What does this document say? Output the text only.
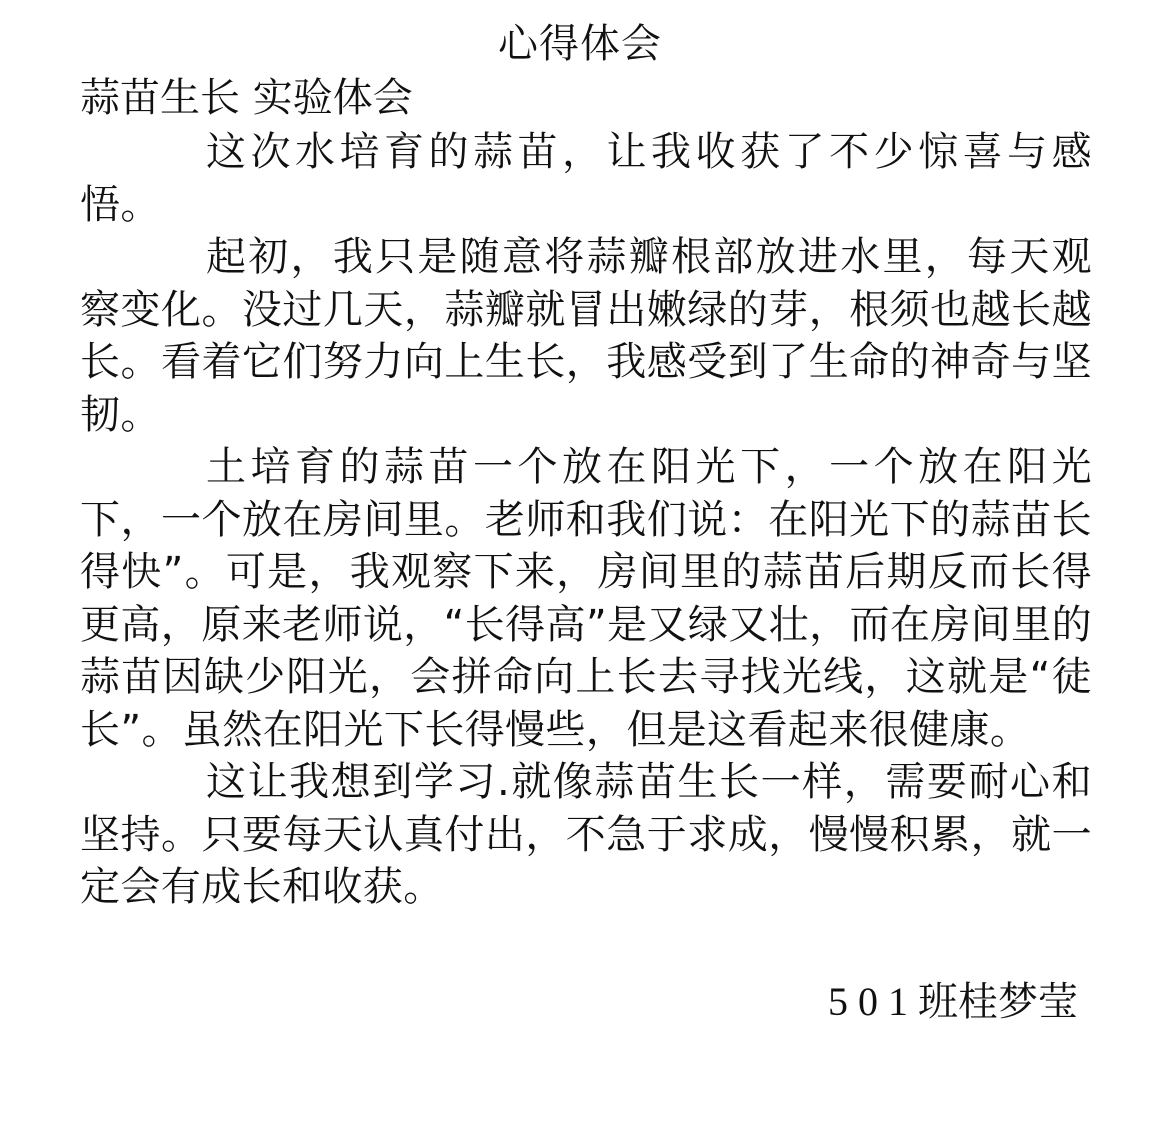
心得体会
蒜苗生长 实验体会

这次水培育的蒜苗，让我收获了不少惊喜与感悟。

起初，我只是随意将蒜瓣根部放进水里，每天观察变化。没过几天，蒜瓣就冒出嫩绿的芽，根须也越长越长。看着它们努力向上生长，我感受到了生命的神奇与坚韧。

土培育的蒜苗一个放在阳光下，一个放在阳光下，一个放在房间里。老师和我们说：在阳光下的蒜苗长得快”。可是，我观察下来，房间里的蒜苗后期反而长得更高，原来老师说，“长得高”是又绿又壮，而在房间里的蒜苗因缺少阳光，会拼命向上长去寻找光线，这就是“徒长”。虽然在阳光下长得慢些，但是这看起来很健康。

这让我想到学习.就像蒜苗生长一样，需要耐心和坚持。只要每天认真付出，不急于求成，慢慢积累，就一定会有成长和收获。

501班桂梦莹
